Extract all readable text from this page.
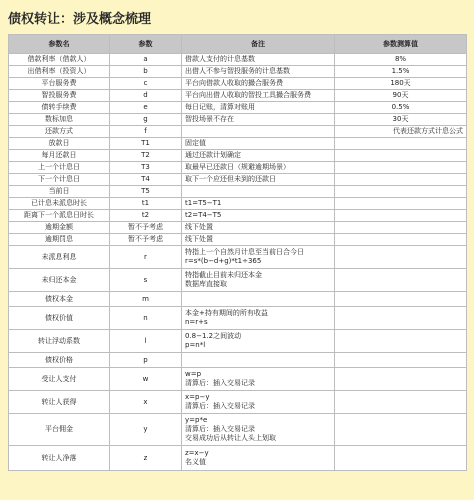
债权转让：涉及概念梳理
参数名	参数	备注	参数测算值
借款利率（借款人）	a	借款人支付的计息基数	8%
出借利率（投资人）	b	出借人不参与智投服务的计息基数	1.5%
平台服务费	c	平台向借款人收取的撮合服务费	180天
智投服务费	d	平台向出借人收取的智投工具撮合服务费	90天
债转手续费	e	每日记账，清算对账用	0.5%
数标加息	g	智投场景不存在	30天
还款方式	f		代表还款方式计息公式
放款日	T1	固定值	
每月还款日	T2	通过还款计划确定	
上一个计息日	T3	取最早已还款日（规避逾期场景）	
下一个计息日	T4	取下一个应还但未到的还款日	
当前日	T5		
已计息未派息时长	t1	t1=T5−T1	
距离下一个派息日时长	t2	t2=T4−T5	
逾期金额	暂不予考虑	线下处置	
逾期罚息	暂不予考虑	线下处置	
未派息利息	r	特指上一个自然月计息至当前日合今日
r=s*(b−d+g)*t1÷365	
未归还本金	s	特指截止目前未归还本金
数据库直接取	
债权本金	m		
债权价值	n	本金+持有期间的所有收益
n=r+s	
转让浮动系数	l	0.8−1.2之间波动
p=n*l	
债权价格	p		
受让人支付	w	w=p
清算后：插入交易记录	
转让人获得	x	x=p−y
清算后：插入交易记录	
平台佣金	y	y=p*e
清算后：插入交易记录
交易成功后从转让人头上划取	
转让人净落	z	z=x−y
名义值	
